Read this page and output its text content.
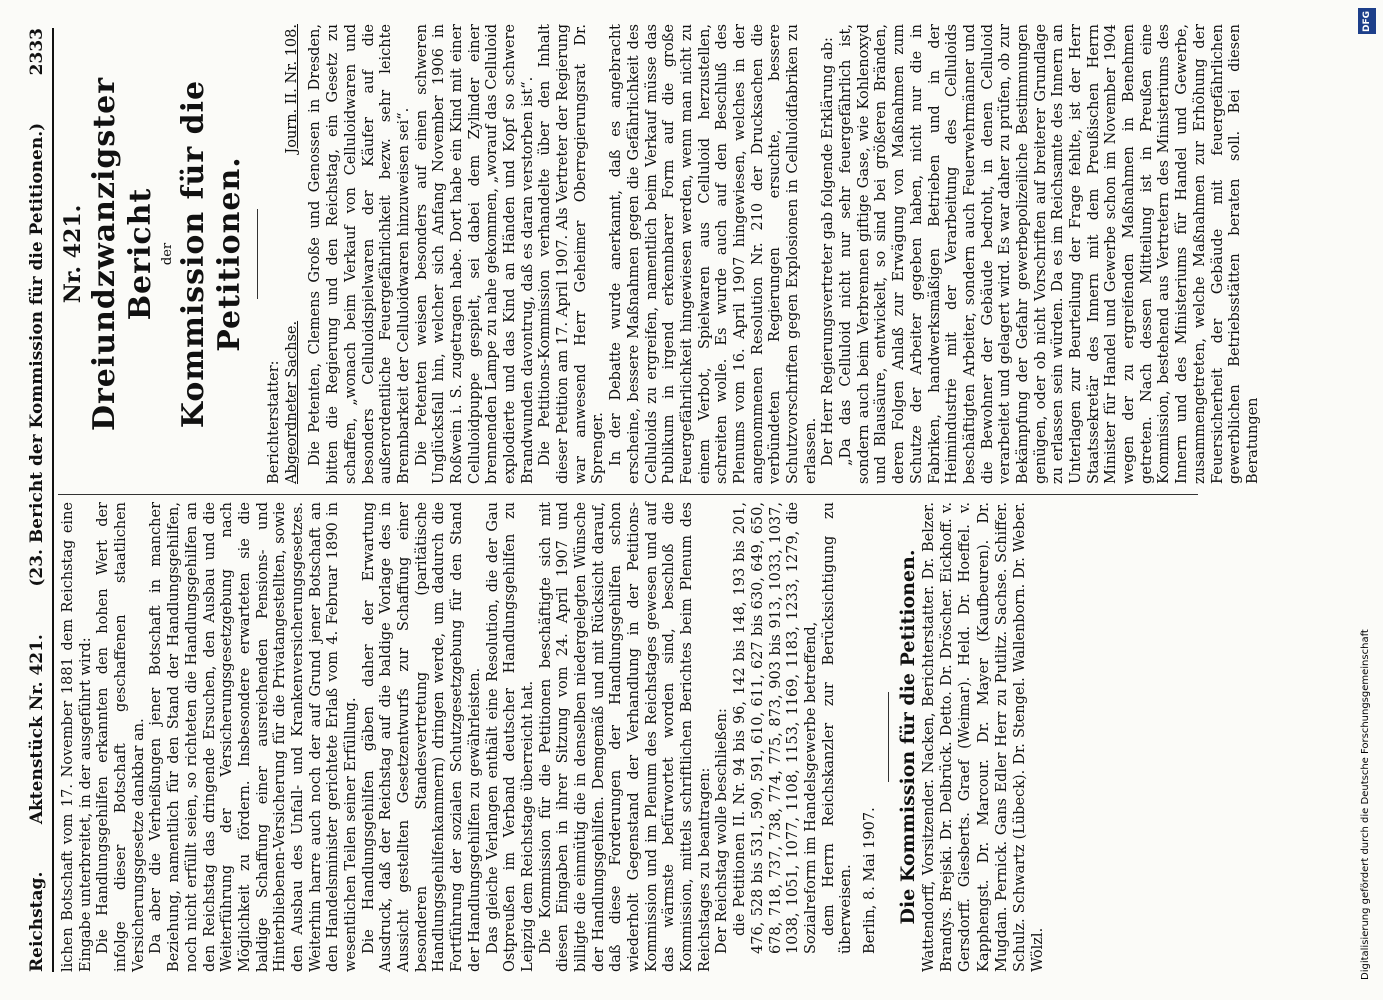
Reichstag.
Aktenstück Nr. 421.
(23. Bericht der Kommission für die Petitionen.)
2333

lichen Botschaft vom 17. November 1881 dem Reichstag eine Eingabe unterbreitet, in der ausgeführt wird: Die Handlungsgehilfen erkannten den hohen Wert der infolge dieser Botschaft geschaffenen staatlichen Versicherungsgesetze dankbar an. Da aber die Verheißungen jener Botschaft in mancher Beziehung, namentlich für den Stand der Handlungsgehilfen, noch nicht erfüllt seien, so richteten die Handlungsgehilfen an den Reichstag das dringende Ersuchen, den Ausbau und die Weiterführung der Versicherungsgesetzgebung nach Möglichkeit zu fördern. Insbesondere erwarteten sie die baldige Schaffung einer ausreichenden Pensions- und Hinterbliebenen-Versicherung für die Privatangestellten, sowie den Ausbau des Unfall- und Krankenversicherungsgesetzes. Weiterhin harre auch noch der auf Grund jener Botschaft an den Handelsminister gerichtete Erlaß vom 4. Februar 1890 in wesentlichen Teilen seiner Erfüllung. Die Handlungsgehilfen gäben daher der Erwartung Ausdruck, daß der Reichstag auf die baldige Vorlage des in Aussicht gestellten Gesetzentwurfs zur Schaffung einer besonderen Standesvertretung (paritätische Handlungsgehilfenkammern) dringen werde, um dadurch die Fortführung der sozialen Schutzgesetzgebung für den Stand der Handlungsgehilfen zu gewährleisten. Das gleiche Verlangen enthält eine Resolution, die der Gau Ostpreußen im Verband deutscher Handlungsgehilfen zu Leipzig dem Reichstage überreicht hat. Die Kommission für die Petitionen beschäftigte sich mit diesen Eingaben in ihrer Sitzung vom 24. April 1907 und billigte die einmütig die in denselben niedergelegten Wünsche der Handlungsgehilfen. Demgemäß und mit Rücksicht darauf, daß diese Forderungen der Handlungsgehilfen schon wiederholt Gegenstand der Verhandlung in der Petitions-Kommission und im Plenum des Reichstages gewesen und auf das wärmste befürwortet worden sind, beschloß die Kommission, mittels schriftlichen Berichtes beim Plenum des Reichstages zu beantragen: Der Reichstag wolle beschließen: die Petitionen II. Nr. 94 bis 96, 142 bis 148, 193 bis 201, 476, 528 bis 531, 590, 591, 610, 611, 627 bis 630, 649, 650, 678, 718, 737, 738, 774, 775, 873, 903 bis 913, 1033, 1037, 1038, 1051, 1077, 1108, 1153, 1169, 1183, 1233, 1279, die Sozialreform im Handelsgewerbe betreffend, dem Herrn Reichskanzler zur Berücksichtigung zu überweisen. Berlin, 8. Mai 1907. Die Kommission für die Petitionen. Wattendorff, Vorsitzender. Nacken, Berichterstatter. Dr. Belzer. Brandys. Brejski. Dr. Delbrück. Detto. Dr. Dröscher. Eickhoff. v. Gersdorff. Giesberts. Graef (Weimar). Held. Dr. Hoeffel. v. Kapphengst. Dr. Marcour. Dr. Mayer (Kaufbeuren). Dr. Mugdan. Pernick. Gans Edler Herr zu Putlitz. Sachse. Schiffer. Schulz. Schwartz (Lübeck). Dr. Stengel. Wallenborn. Dr. Weber. Wölzl.

Nr. 421. Dreiundzwanzigster Bericht der Kommission für die Petitionen.

Berichterstatter: Abgeordneter Sachse.
Journ. II. Nr. 108. Die Petenten, Clemens Große und Genossen in Dresden, bitten die Regierung und den Reichstag, ein Gesetz zu schaffen, „wonach beim Verkauf von Celluloidwaren und besonders Celluloidspielwaren der Käufer auf die außerordentliche Feuergefährlichkeit bezw. sehr leichte Brennbarkeit der Celluloidwaren hinzuweisen sei“. Die Petenten weisen besonders auf einen schweren Unglücksfall hin, welcher sich Anfang November 1906 in Roßwein i. S. zugetragen habe. Dort habe ein Kind mit einer Celluloidpuppe gespielt, sei dabei dem Zylinder einer brennenden Lampe zu nahe gekommen, „worauf das Celluloid explodierte und das Kind an Händen und Kopf so schwere Brandwunden davontrug, daß es daran verstorben ist“. Die Petitions-Kommission verhandelte über den Inhalt dieser Petition am 17. April 1907. Als Vertreter der Regierung war anwesend Herr Geheimer Oberregierungsrat Dr. Sprenger. In der Debatte wurde anerkannt, daß es angebracht erscheine, bessere Maßnahmen gegen die Gefährlichkeit des Celluloids zu ergreifen, namentlich beim Verkauf müsse das Publikum in irgend erkennbarer Form auf die große Feuergefährlichkeit hingewiesen werden, wenn man nicht zu einem Verbot, Spielwaren aus Celluloid herzustellen, schreiten wolle. Es wurde auch auf den Beschluß des Plenums vom 16. April 1907 hingewiesen, welches in der angenommenen Resolution Nr. 210 der Drucksachen die verbündeten Regierungen ersuchte, bessere Schutzvorschriften gegen Explosionen in Celluloidfabriken zu erlassen. Der Herr Regierungsvertreter gab folgende Erklärung ab: „Da das Celluloid nicht nur sehr feuergefährlich ist, sondern auch beim Verbrennen giftige Gase, wie Kohlenoxyd und Blausäure, entwickelt, so sind bei größeren Bränden, deren Folgen Anlaß zur Erwägung von Maßnahmen zum Schutze der Arbeiter gegeben haben, nicht nur die in Fabriken, handwerksmäßigen Betrieben und in der Heimindustrie mit der Verarbeitung des Celluloids beschäftigten Arbeiter, sondern auch Feuerwehrmänner und die Bewohner der Gebäude bedroht, in denen Celluloid verarbeitet und gelagert wird. Es war daher zu prüfen, ob zur Bekämpfung der Gefahr gewerbepolizeiliche Bestimmungen genügen, oder ob nicht Vorschriften auf breiterer Grundlage zu erlassen sein würden. Da es im Reichsamte des Innern an Unterlagen zur Beurteilung der Frage fehlte, ist der Herr Staatssekretär des Innern mit dem Preußischen Herrn Minister für Handel und Gewerbe schon im November 1904 wegen der zu ergreifenden Maßnahmen in Benehmen getreten. Nach dessen Mitteilung ist in Preußen eine Kommission, bestehend aus Vertretern des Ministeriums des Innern und des Ministeriums für Handel und Gewerbe, zusammengetreten, welche Maßnahmen zur Erhöhung der Feuersicherheit der Gebäude mit feuergefährlichen gewerblichen Betriebsstätten beraten soll. Bei diesen Beratungen

DFG
Digitalisierung gefördert durch die Deutsche Forschungsgemeinschaft
